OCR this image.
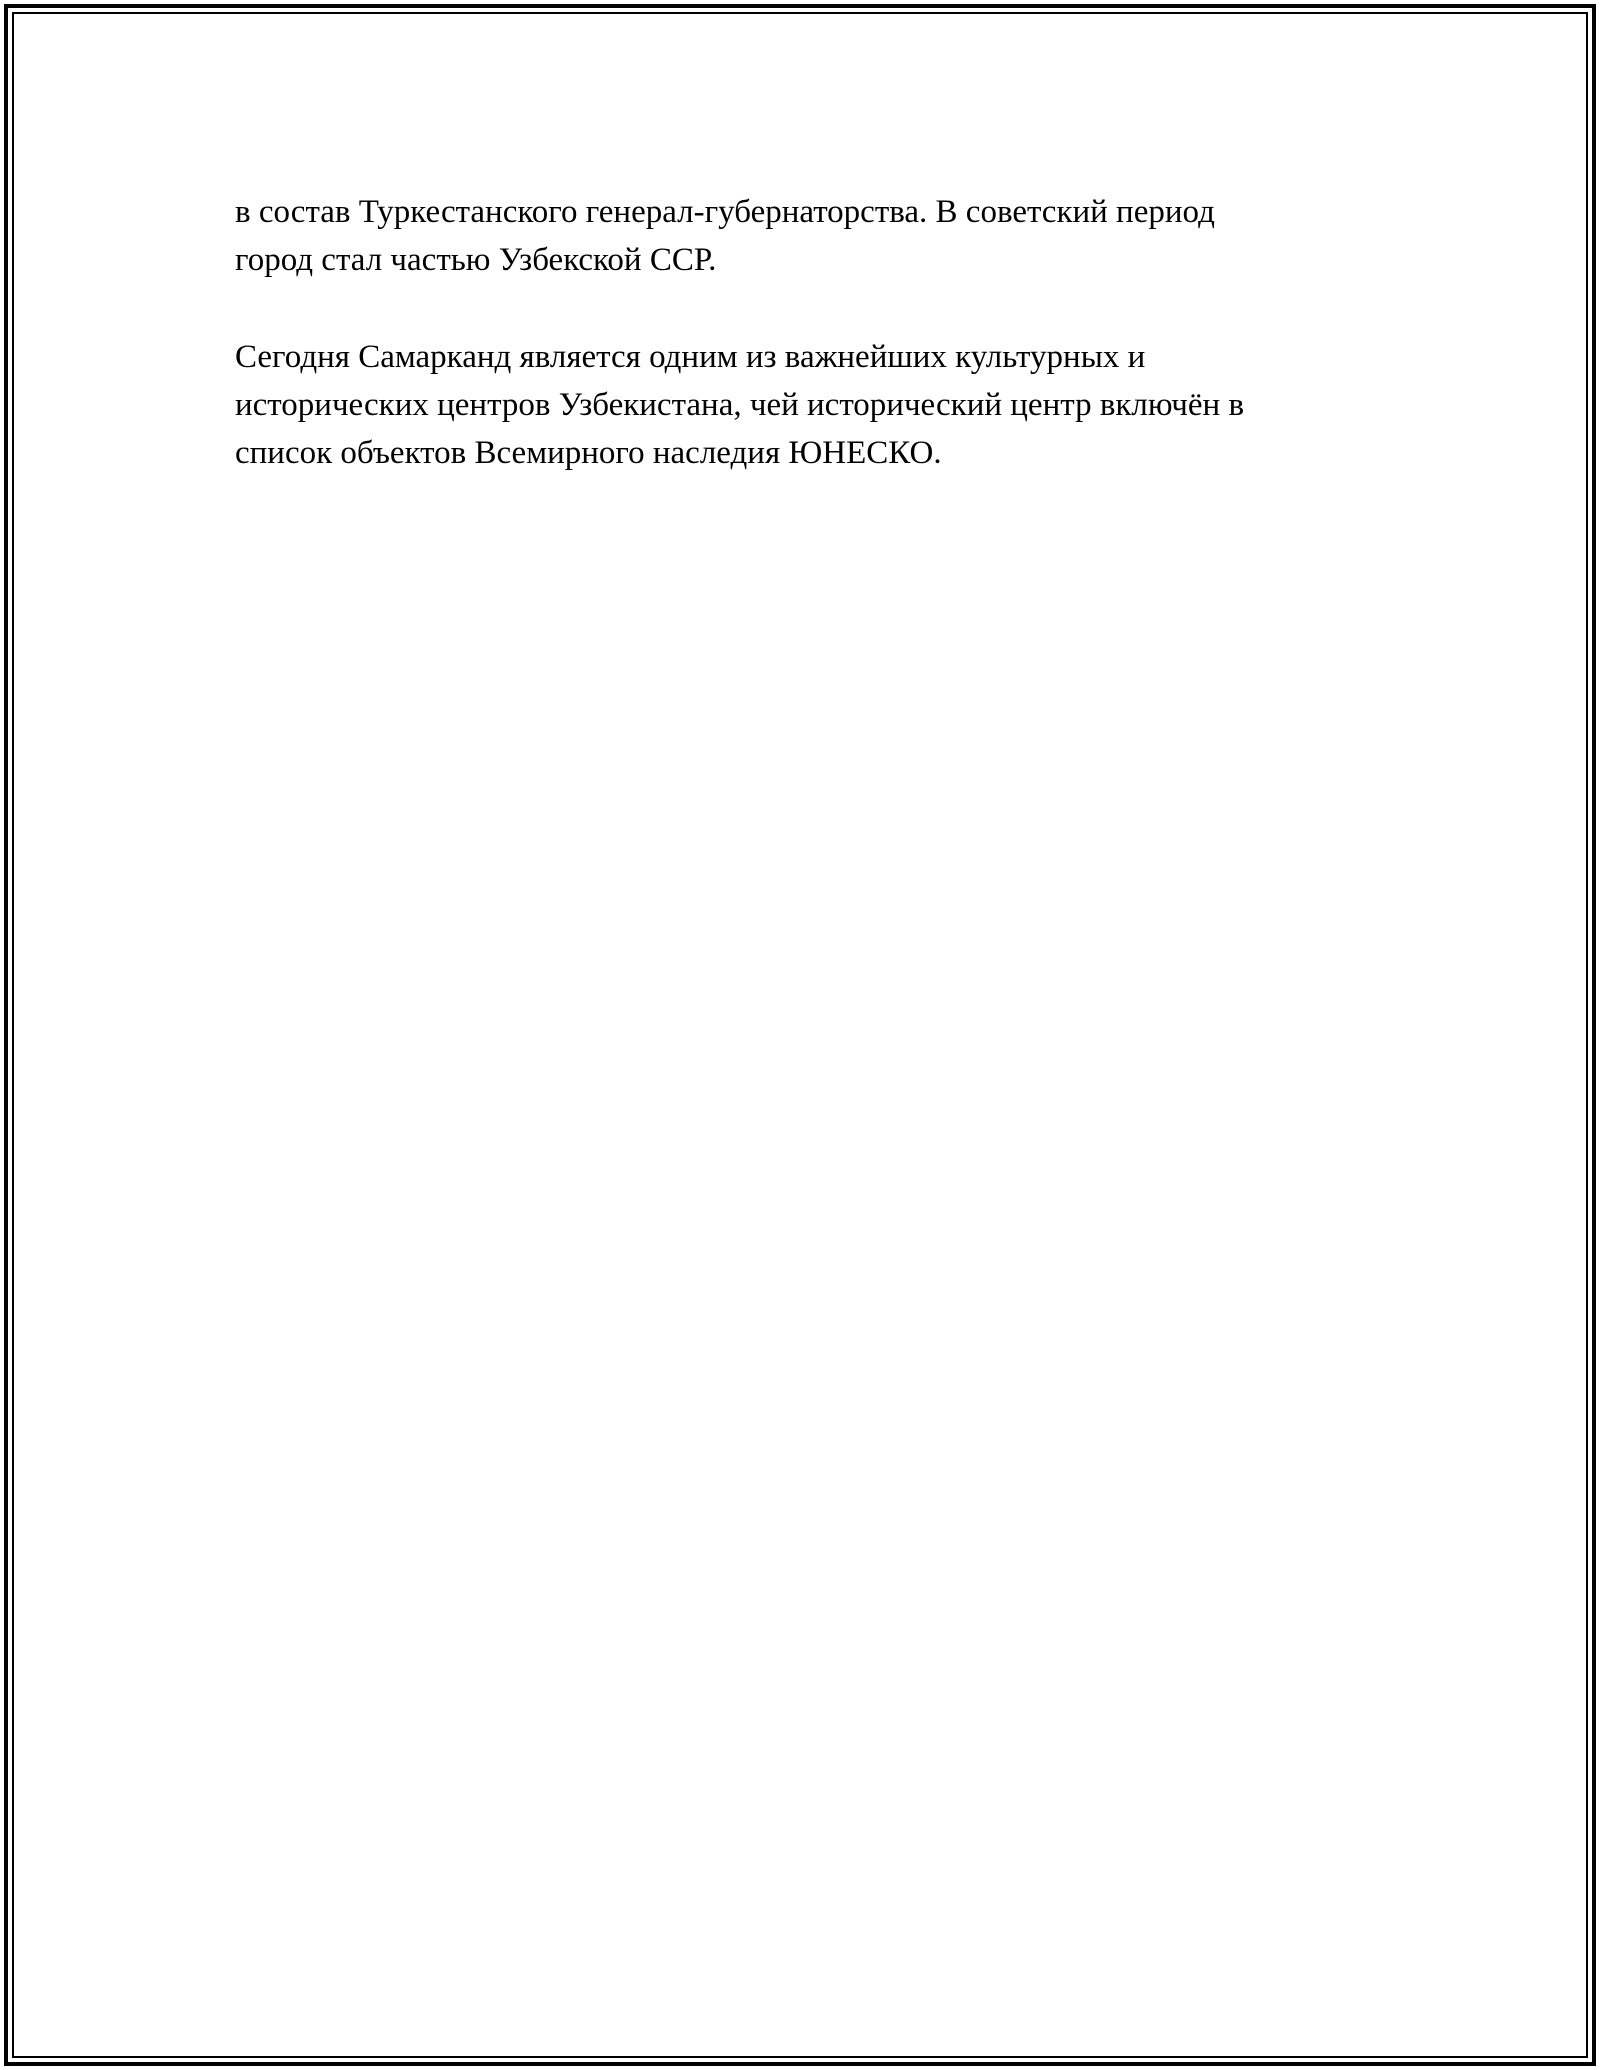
в состав Туркестанского генерал-губернаторства. В советский период
город стал частью Узбекской ССР.

Сегодня Самарканд является одним из важнейших культурных и
исторических центров Узбекистана, чей исторический центр включён в
список объектов Всемирного наследия ЮНЕСКО.
